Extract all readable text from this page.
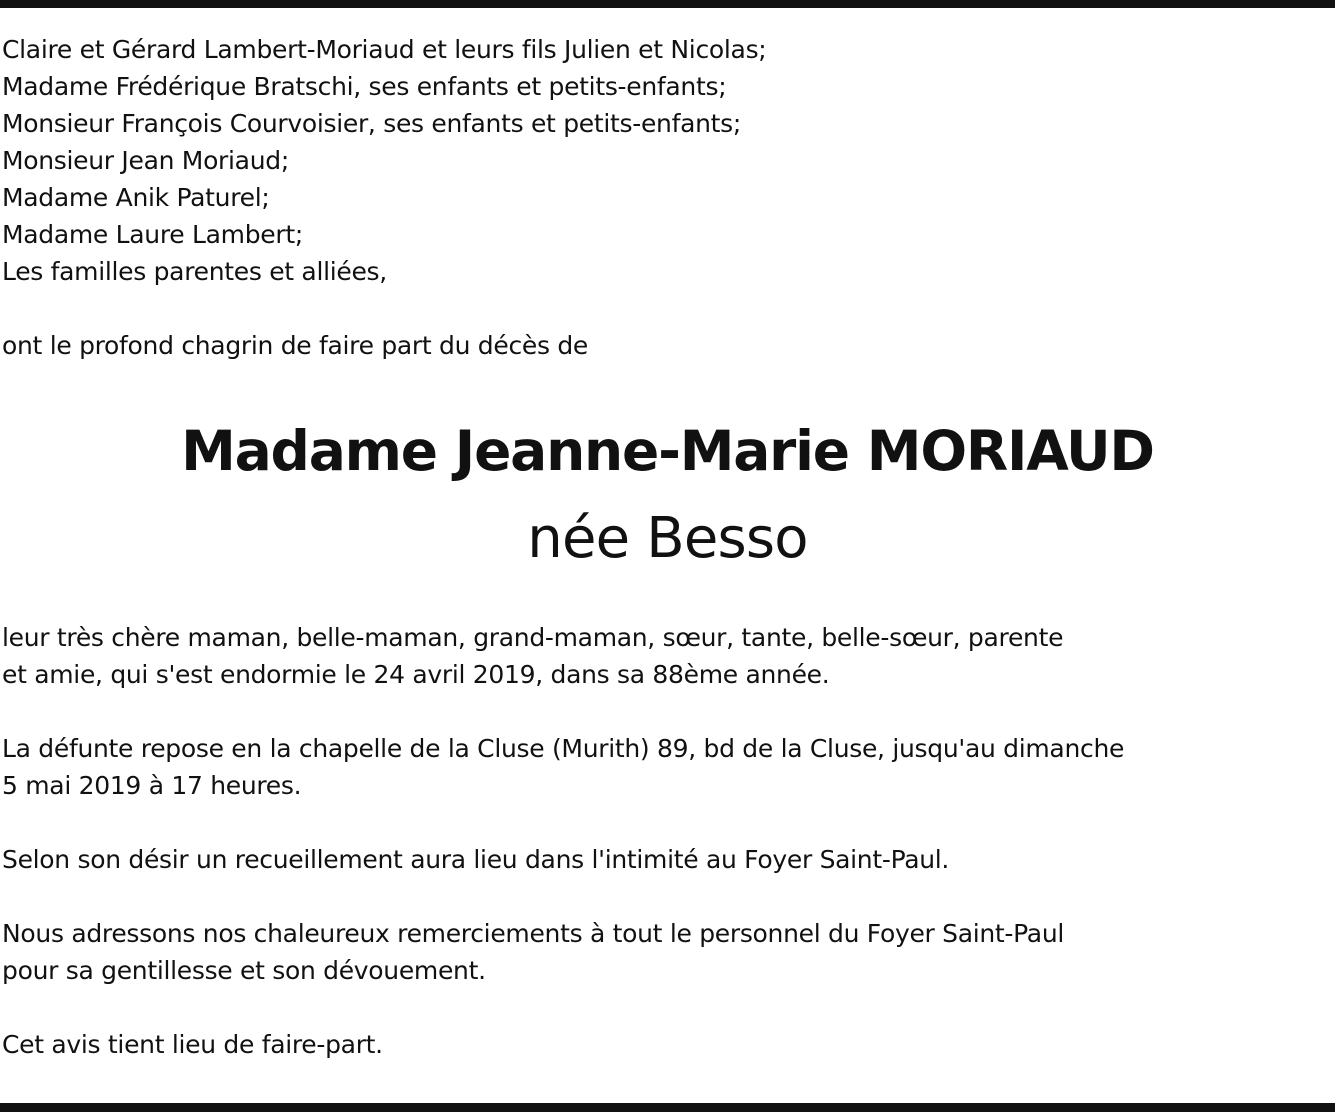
Claire et Gérard Lambert-Moriaud et leurs fils Julien et Nicolas;

Madame Frédérique Bratschi, ses enfants et petits-enfants;

Monsieur François Courvoisier, ses enfants et petits-enfants;

Monsieur Jean Moriaud;

Madame Anik Paturel;

Madame Laure Lambert;

Les familles parentes et alliées,

ont le profond chagrin de faire part du décès de

Madame Jeanne-Marie MORIAUD

née Besso

leur très chère maman, belle-maman, grand-maman, sœur, tante, belle-sœur, parente

et amie, qui s'est endormie le 24 avril 2019, dans sa 88ème année.

La défunte repose en la chapelle de la Cluse (Murith) 89, bd de la Cluse, jusqu'au dimanche

5 mai 2019 à 17 heures.

Selon son désir un recueillement aura lieu dans l'intimité au Foyer Saint-Paul.

Nous adressons nos chaleureux remerciements à tout le personnel du Foyer Saint-Paul

pour sa gentillesse et son dévouement.

Cet avis tient lieu de faire-part.
